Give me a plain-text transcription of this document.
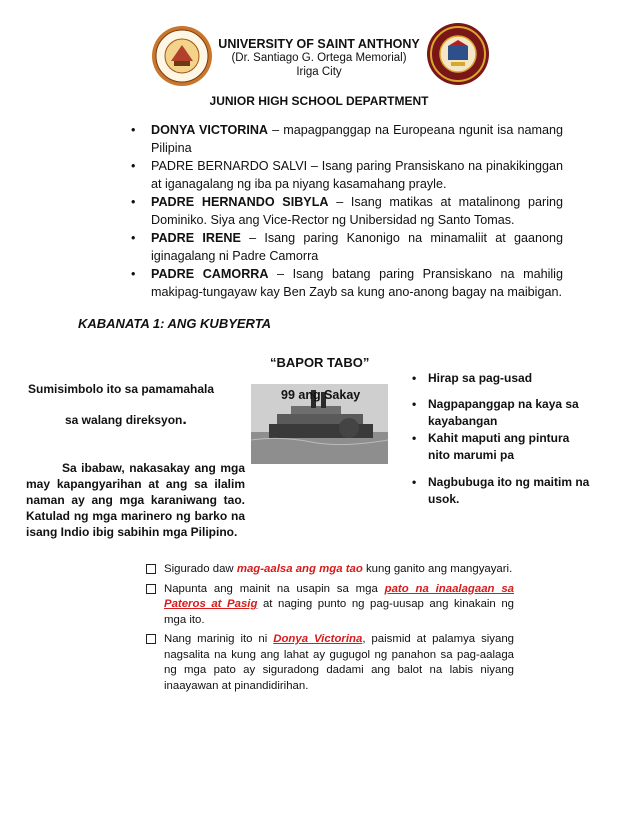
UNIVERSITY OF SAINT ANTHONY
(Dr. Santiago G. Ortega Memorial)
Iriga City
JUNIOR HIGH SCHOOL DEPARTMENT
• DONYA VICTORINA – mapagpanggap na Europeana ngunit isa namang Pilipina
• PADRE BERNARDO SALVI – Isang paring Pransiskano na pinakikinggan at iganagalang ng iba pa niyang kasamahang prayle.
• PADRE HERNANDO SIBYLA – Isang matikas at matalinong paring Dominiko. Siya ang Vice-Rector ng Unibersidad ng Santo Tomas.
• PADRE IRENE – Isang paring Kanonigo na minamaliit at gaanong iginagalang ni Padre Camorra
• PADRE CAMORRA – Isang batang paring Pransiskano na mahilig makipag-tungayaw kay Ben Zayb sa kung ano-anong bagay na maibigan.
KABANATA 1: ANG KUBYERTA
“BAPOR TABO”
99 ang Sakay
Sumisimbolo ito sa pamamahala
sa walang direksyon.
Sa ibabaw, nakasakay ang mga may kapangyarihan at ang sa ilalim naman ay ang mga karaniwang tao. Katulad ng mga marinero ng barko na isang Indio ibig sabihin mga Pilipino.
• Hirap sa pag-usad
• Nagpapanggap na kaya sa kayabangan
• Kahit maputi ang pintura nito marumi pa
• Nagbubuga ito ng maitim na usok.
Sigurado daw mag-aalsa ang mga tao kung ganito ang mangyayari.
Napunta ang mainit na usapin sa mga pato na inaalagaan sa Pateros at Pasig at naging punto ng pag-uusap ang kinakain ng mga ito.
Nang marinig ito ni Donya Victorina, paismid at palamya siyang nagsalita na kung ang lahat ay gugugol ng panahon sa pag-aalaga ng mga pato ay siguradong dadami ang balot na labis niyang inaayawan at pinandidirihan.
